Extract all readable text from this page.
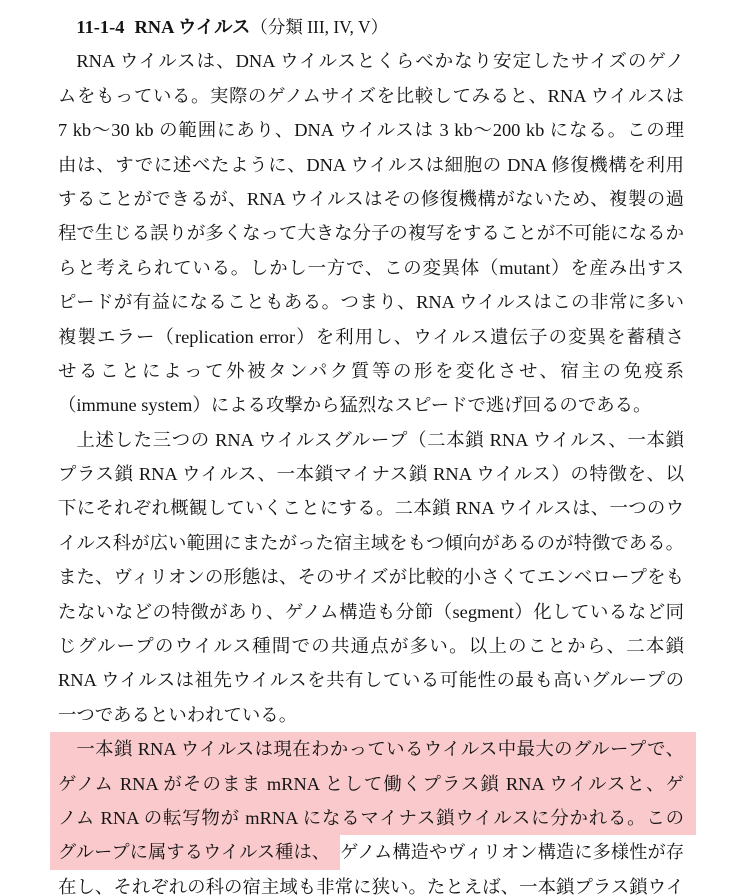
11-1-4 RNA ウイルス（分類 III, IV, V）
RNA ウイルスは、DNA ウイルスとくらべかなり安定したサイズのゲノ
ムをもっている。実際のゲノムサイズを比較してみると、RNA ウイルスは
7 kb〜30 kb の範囲にあり、DNA ウイルスは 3 kb〜200 kb になる。この理
由は、すでに述べたように、DNA ウイルスは細胞の DNA 修復機構を利用
することができるが、RNA ウイルスはその修復機構がないため、複製の過
程で生じる誤りが多くなって大きな分子の複写をすることが不可能になるか
らと考えられている。しかし一方で、この変異体（mutant）を産み出すス
ピードが有益になることもある。つまり、RNA ウイルスはこの非常に多い
複製エラー（replication error）を利用し、ウイルス遺伝子の変異を蓄積さ
せることによって外被タンパク質等の形を変化させ、宿主の免疫系
（immune system）による攻撃から猛烈なスピードで逃げ回るのである。
上述した三つの RNA ウイルスグループ（二本鎖 RNA ウイルス、一本鎖
プラス鎖 RNA ウイルス、一本鎖マイナス鎖 RNA ウイルス）の特徴を、以
下にそれぞれ概観していくことにする。二本鎖 RNA ウイルスは、一つのウ
イルス科が広い範囲にまたがった宿主域をもつ傾向があるのが特徴である。
また、ヴィリオンの形態は、そのサイズが比較的小さくてエンベロープをも
たないなどの特徴があり、ゲノム構造も分節（segment）化しているなど同
じグループのウイルス種間での共通点が多い。以上のことから、二本鎖
RNA ウイルスは祖先ウイルスを共有している可能性の最も高いグループの
一つであるといわれている。
一本鎖 RNA ウイルスは現在わかっているウイルス中最大のグループで、
ゲノム RNA がそのまま mRNA として働くプラス鎖 RNA ウイルスと、ゲ
ノム RNA の転写物が mRNA になるマイナス鎖ウイルスに分かれる。この
グループに属するウイルス種は、 ゲノム構造やヴィリオン構造に多様性が存
在し、それぞれの科の宿主域も非常に狭い。たとえば、一本鎖プラス鎖ウイ
